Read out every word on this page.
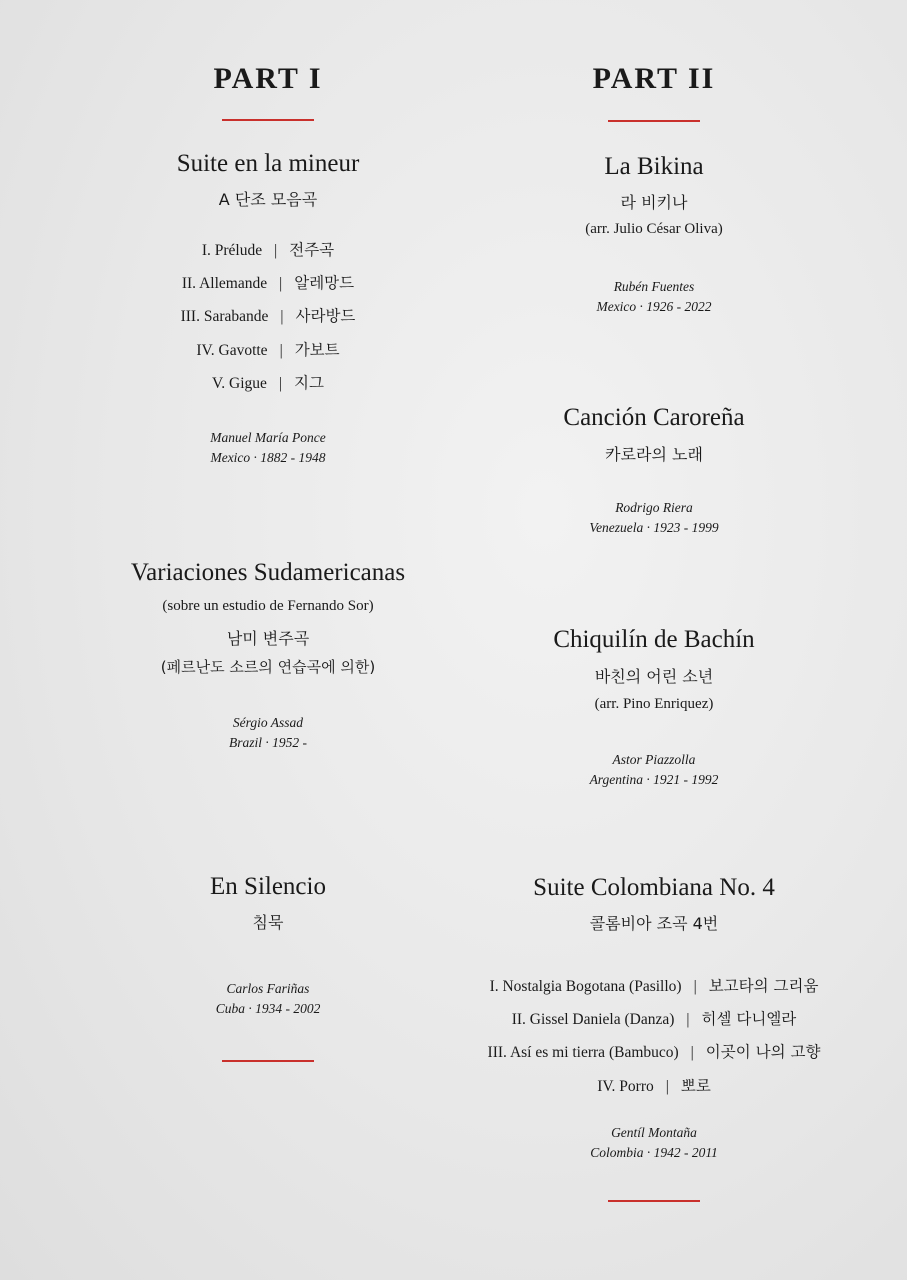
PART I
Suite en la mineur
A 단조 모음곡
I. Prélude | 전주곡
II. Allemande | 알레망드
III. Sarabande | 사라방드
IV. Gavotte | 가보트
V. Gigue | 지그
Manuel María Ponce
Mexico · 1882 - 1948
Variaciones Sudamericanas
(sobre un estudio de Fernando Sor)
남미 변주곡
(페르난도 소르의 연습곡에 의한)
Sérgio Assad
Brazil · 1952 -
En Silencio
침묵
Carlos Fariñas
Cuba · 1934 - 2002
PART II
La Bikina
라 비키나
(arr. Julio César Oliva)
Rubén Fuentes
Mexico · 1926 - 2022
Canción Caroreña
카로라의 노래
Rodrigo Riera
Venezuela · 1923 - 1999
Chiquilín de Bachín
바친의 어린 소년
(arr. Pino Enriquez)
Astor Piazzolla
Argentina · 1921 - 1992
Suite Colombiana No. 4
콜롬비아 조곡 4번
I. Nostalgia Bogotana (Pasillo) | 보고타의 그리움
II. Gissel Daniela (Danza) | 히셀 다니엘라
III. Así es mi tierra (Bambuco) | 이곳이 나의 고향
IV. Porro | 뽀로
Gentíl Montaña
Colombia · 1942 - 2011
